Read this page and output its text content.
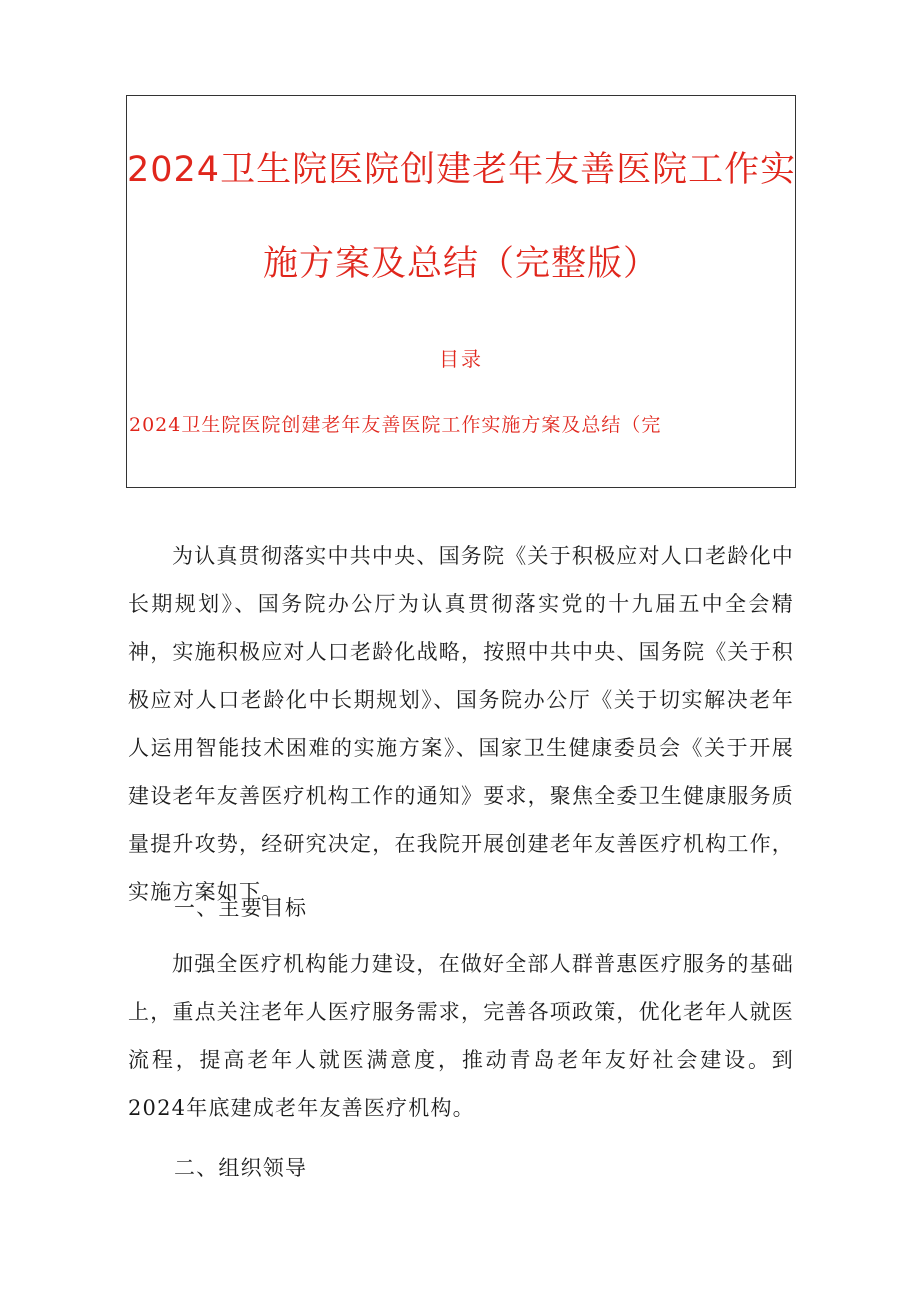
2024卫生院医院创建老年友善医院工作实
施方案及总结（完整版）
目录
2024卫生院医院创建老年友善医院工作实施方案及总结（完
为认真贯彻落实中共中央、国务院《关于积极应对人口老龄化中长期规划》、国务院办公厅为认真贯彻落实党的十九届五中全会精神，实施积极应对人口老龄化战略，按照中共中央、国务院《关于积极应对人口老龄化中长期规划》、国务院办公厅《关于切实解决老年人运用智能技术困难的实施方案》、国家卫生健康委员会《关于开展建设老年友善医疗机构工作的通知》要求，聚焦全委卫生健康服务质量提升攻势，经研究决定，在我院开展创建老年友善医疗机构工作，实施方案如下。
一、主要目标
加强全医疗机构能力建设，在做好全部人群普惠医疗服务的基础上，重点关注老年人医疗服务需求，完善各项政策，优化老年人就医流程，提高老年人就医满意度，推动青岛老年友好社会建设。到2024年底建成老年友善医疗机构。
二、组织领导
